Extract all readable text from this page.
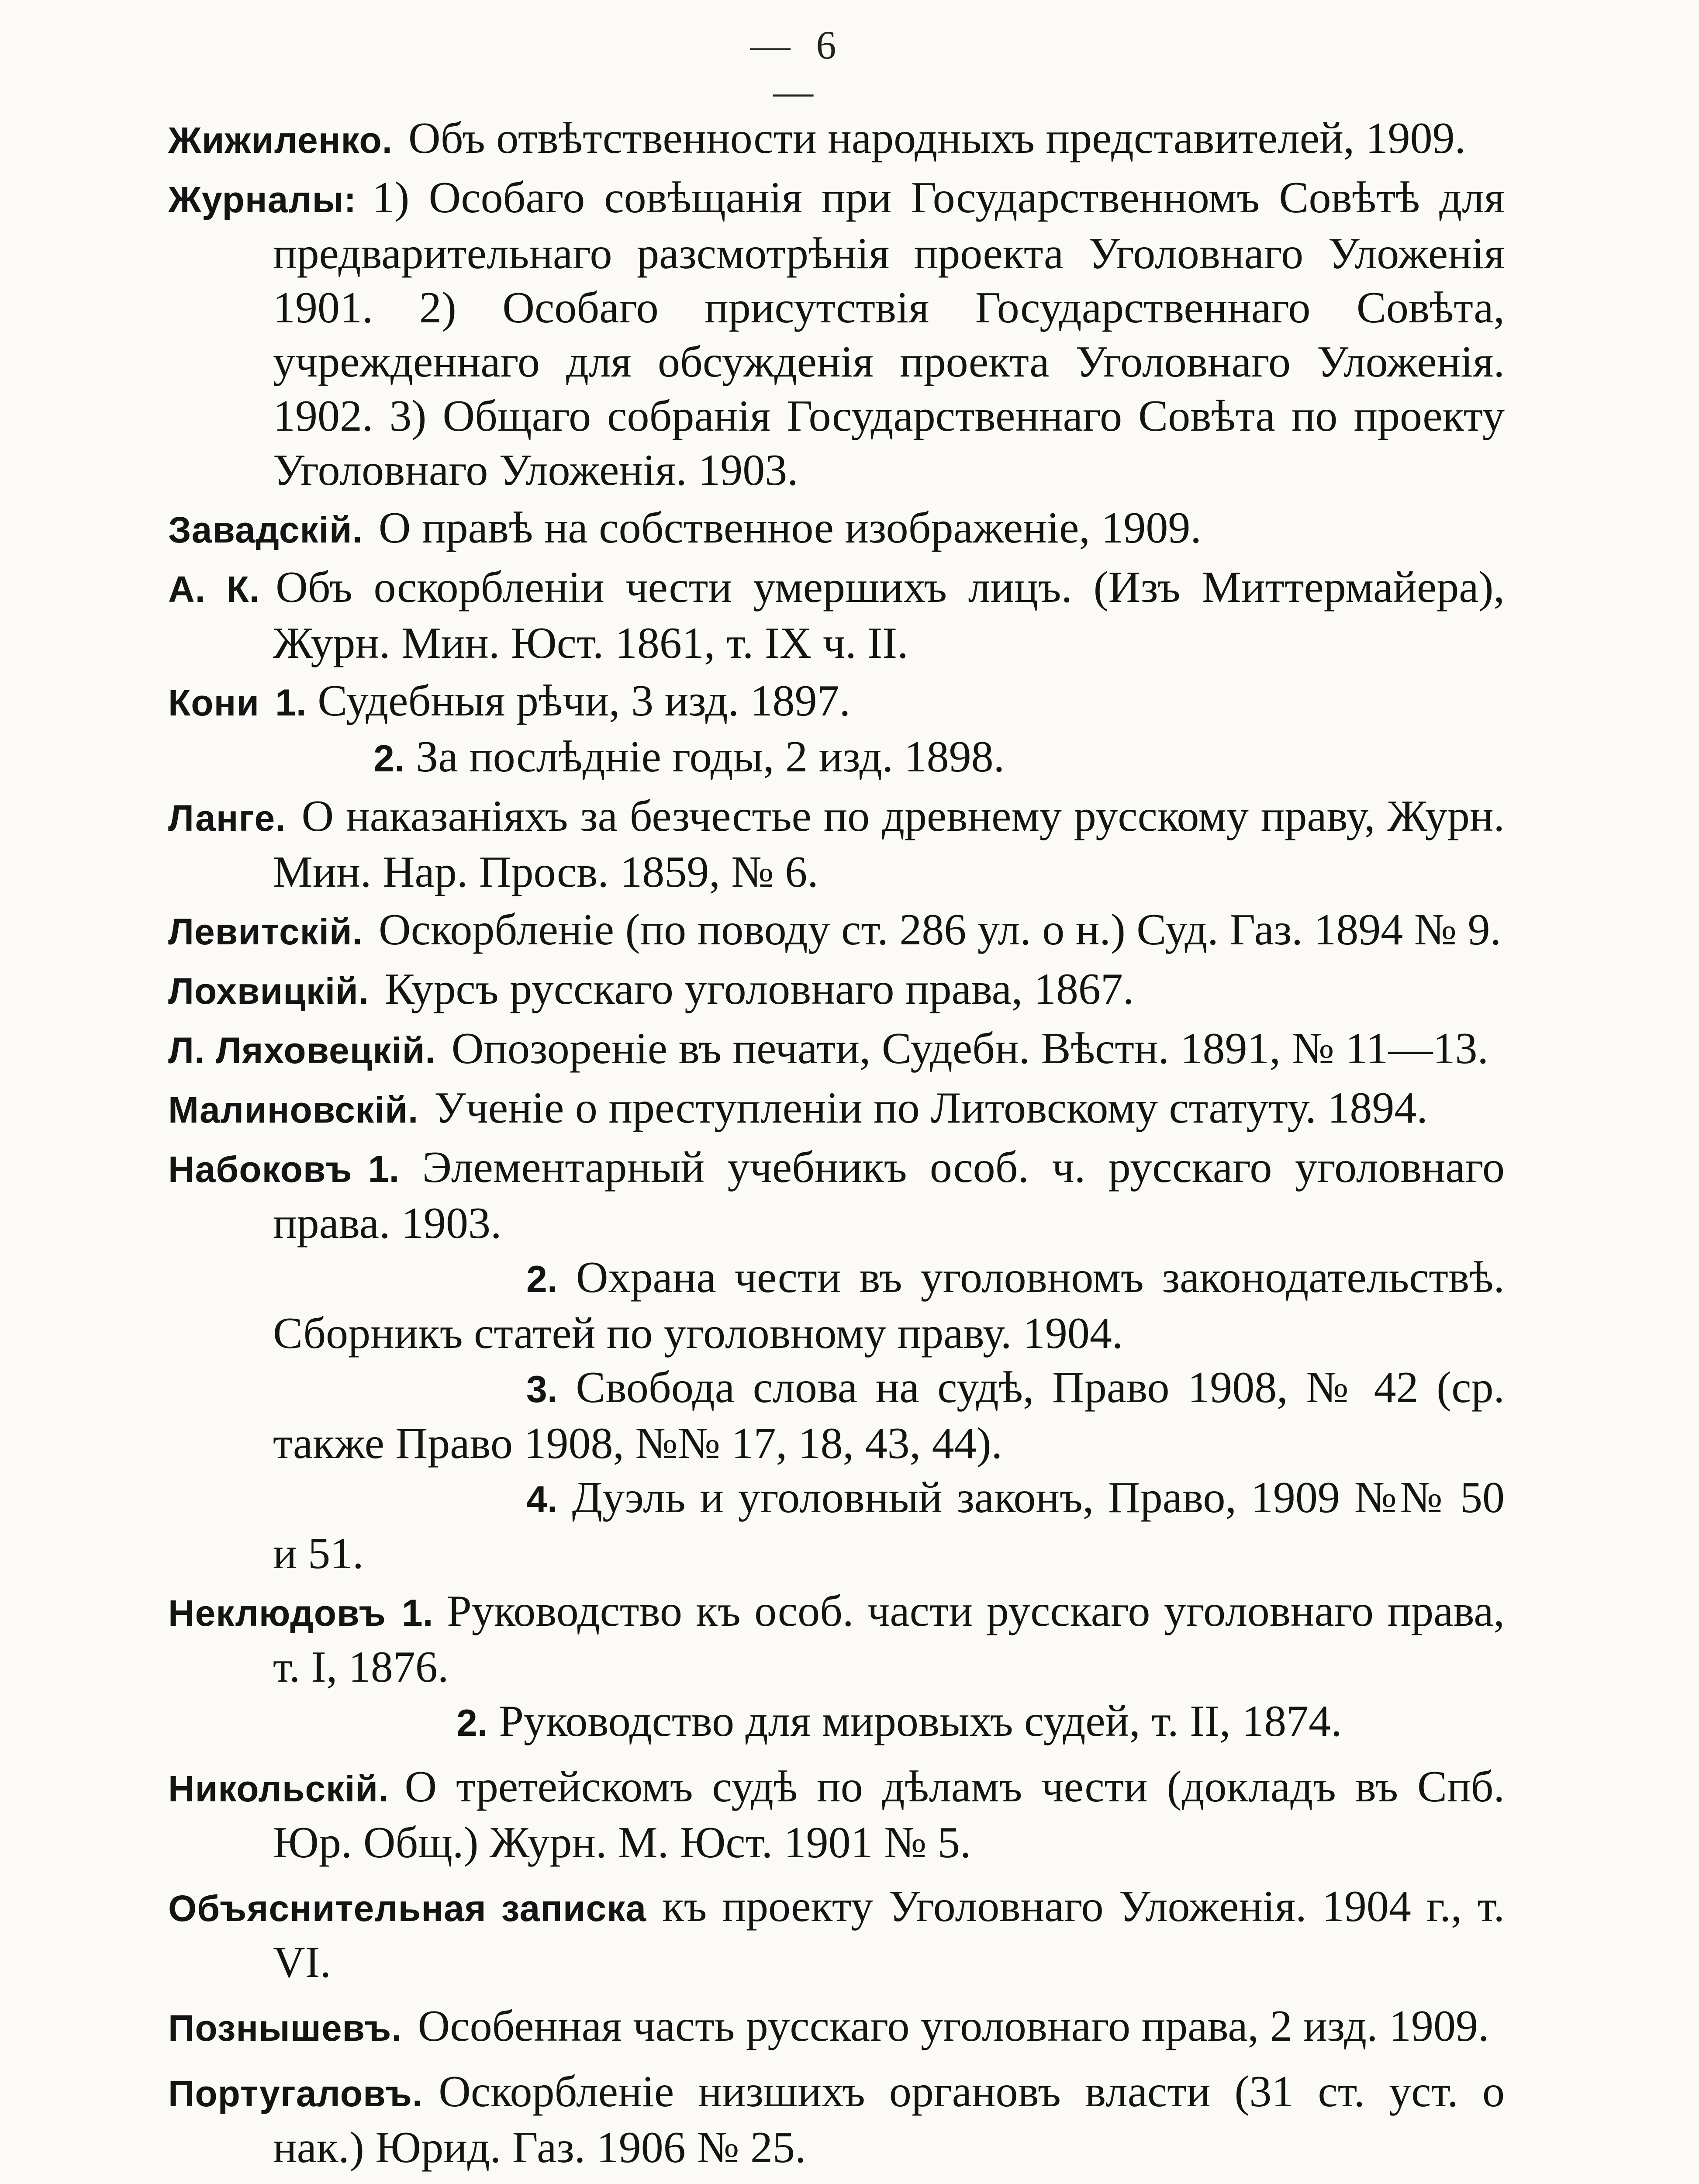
— 6 —
Жижиленко. Объ отвѣтственности народныхъ представителей, 1909.
Журналы: 1) Особаго совѣщанія при Государственномъ Совѣтѣ для предварительнаго разсмотрѣнія проекта Уголовнаго Уложенія 1901. 2) Особаго присутствія Государственнаго Совѣта, учрежденнаго для обсужденія проекта Уголовнаго Уложенія. 1902. 3) Общаго собранія Государственнаго Совѣта по проекту Уголовнаго Уложенія. 1903.
Завадскій. О правѣ на собственное изображеніе, 1909.
А. К. Объ оскорбленіи чести умершихъ лицъ. (Изъ Миттермайера), Журн. Мин. Юст. 1861, т. IX ч. II.
Кони 1. Судебныя рѣчи, 3 изд. 1897.
2. За послѣдніе годы, 2 изд. 1898.
Ланге. О наказаніяхъ за безчестье по древнему русскому праву, Журн. Мин. Нар. Просв. 1859, № 6.
Левитскій. Оскорбленіе (по поводу ст. 286 ул. о н.) Суд. Газ. 1894 № 9.
Лохвицкій. Курсъ русскаго уголовнаго права, 1867.
Л. Ляховецкій. Опозореніе въ печати, Судебн. Вѣстн. 1891, № 11—13.
Малиновскій. Ученіе о преступленіи по Литовскому статуту. 1894.
Набоковъ 1. Элементарный учебникъ особ. ч. русскаго уголовнаго права. 1903.
2. Охрана чести въ уголовномъ законодательствѣ. Сборникъ статей по уголовному праву. 1904.
3. Свобода слова на судѣ, Право 1908, № 42 (ср. также Право 1908, №№ 17, 18, 43, 44).
4. Дуэль и уголовный законъ, Право, 1909 №№ 50 и 51.
Неклюдовъ 1. Руководство къ особ. части русскаго уголовнаго права, т. I, 1876.
2. Руководство для мировыхъ судей, т. II, 1874.
Никольскій. О третейскомъ судѣ по дѣламъ чести (докладъ въ Спб. Юр. Общ.) Журн. М. Юст. 1901 № 5.
Объяснительная записка къ проекту Уголовнаго Уложенія. 1904 г., т. VI.
Познышевъ. Особенная часть русскаго уголовнаго права, 2 изд. 1909.
Португаловъ. Оскорбленіе низшихъ органовъ власти (31 ст. уст. о нак.) Юрид. Газ. 1906 № 25.
